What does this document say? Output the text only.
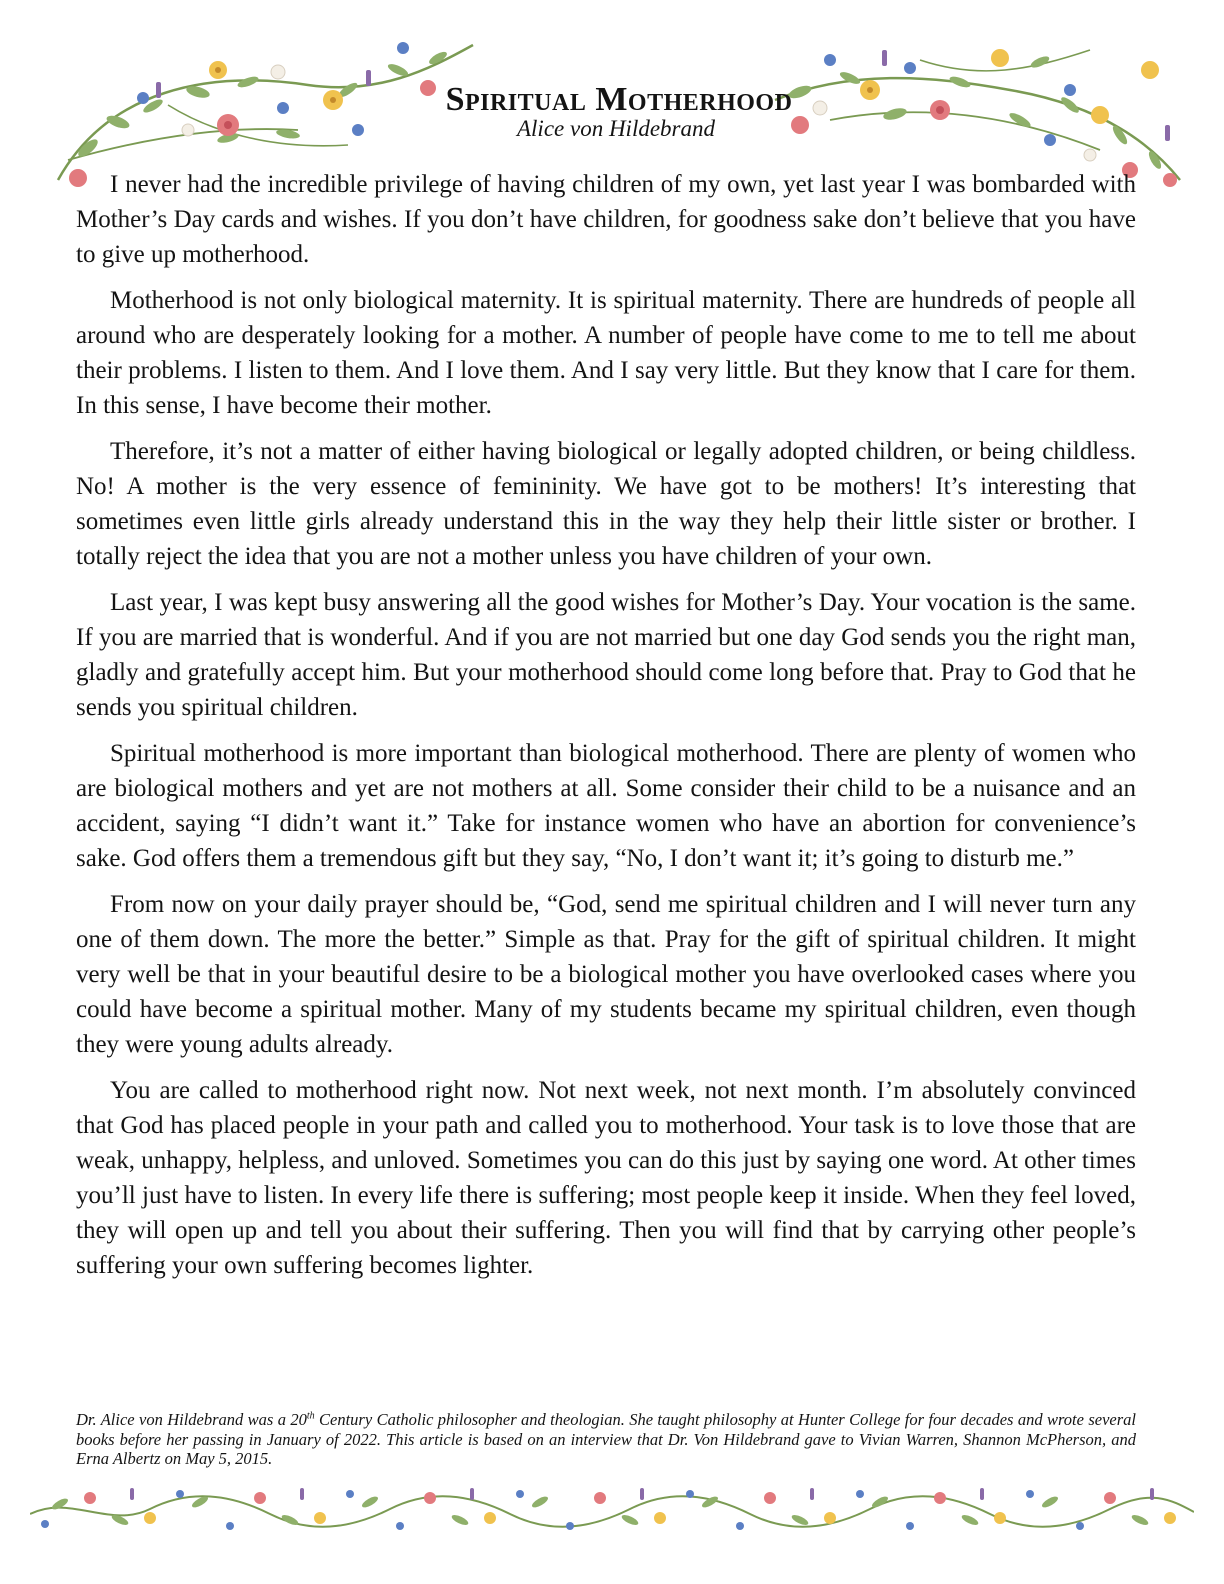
Spiritual Motherhood
Alice von Hildebrand

I never had the incredible privilege of having children of my own, yet last year I was bombarded with Mother’s Day cards and wishes. If you don’t have children, for goodness sake don’t believe that you have to give up motherhood.

Motherhood is not only biological maternity. It is spiritual maternity. There are hundreds of people all around who are desperately looking for a mother. A number of people have come to me to tell me about their problems. I listen to them. And I love them. And I say very little. But they know that I care for them. In this sense, I have become their mother.

Therefore, it’s not a matter of either having biological or legally adopted children, or being childless. No! A mother is the very essence of femininity. We have got to be mothers! It’s interesting that sometimes even little girls already understand this in the way they help their little sister or brother. I totally reject the idea that you are not a mother unless you have children of your own.

Last year, I was kept busy answering all the good wishes for Mother’s Day. Your vocation is the same. If you are married that is wonderful. And if you are not married but one day God sends you the right man, gladly and gratefully accept him. But your motherhood should come long before that. Pray to God that he sends you spiritual children.

Spiritual motherhood is more important than biological motherhood. There are plenty of women who are biological mothers and yet are not mothers at all. Some consider their child to be a nuisance and an accident, saying “I didn’t want it.” Take for instance women who have an abortion for convenience’s sake. God offers them a tremendous gift but they say, “No, I don’t want it; it’s going to disturb me.”

From now on your daily prayer should be, “God, send me spiritual children and I will never turn any one of them down. The more the better.” Simple as that. Pray for the gift of spiritual children. It might very well be that in your beautiful desire to be a biological mother you have overlooked cases where you could have become a spiritual mother. Many of my students became my spiritual children, even though they were young adults already.

You are called to motherhood right now. Not next week, not next month. I’m absolutely convinced that God has placed people in your path and called you to motherhood. Your task is to love those that are weak, unhappy, helpless, and unloved. Sometimes you can do this just by saying one word. At other times you’ll just have to listen. In every life there is suffering; most people keep it inside. When they feel loved, they will open up and tell you about their suffering. Then you will find that by carrying other people’s suffering your own suffering becomes lighter.

Dr. Alice von Hildebrand was a 20th Century Catholic philosopher and theologian. She taught philosophy at Hunter College for four decades and wrote several books before her passing in January of 2022. This article is based on an interview that Dr. Von Hildebrand gave to Vivian Warren, Shannon McPherson, and Erna Albertz on May 5, 2015.
